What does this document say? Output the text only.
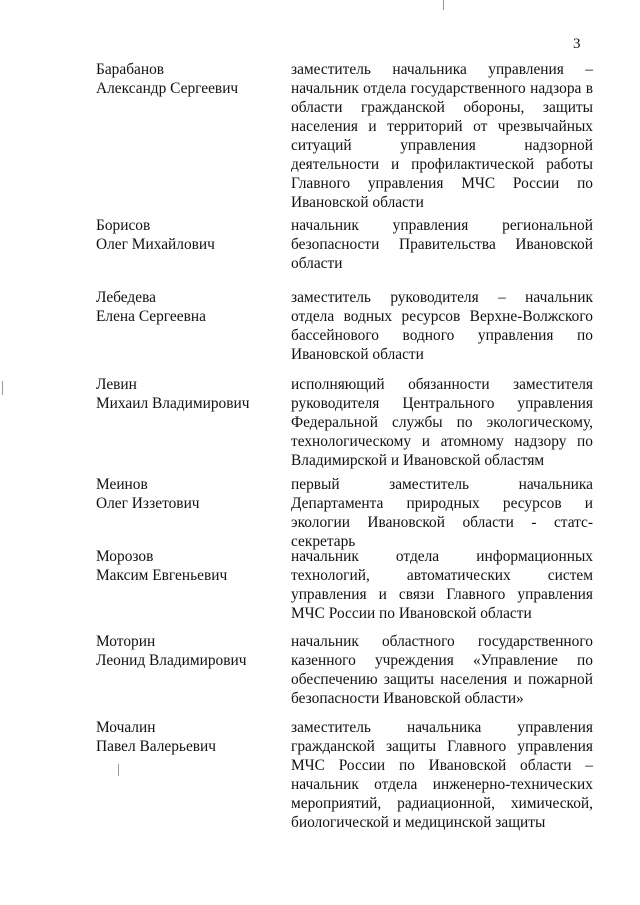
3
Барабанов
Александр Сергеевич
заместитель начальника управления – начальник отдела государственного надзора в области гражданской обороны, защиты населения и территорий от чрезвычайных ситуаций управления надзорной деятельности и профилактической работы Главного управления МЧС России по Ивановской области
Борисов
Олег Михайлович
начальник управления региональной безопасности Правительства Ивановской области
Лебедева
Елена Сергеевна
заместитель руководителя – начальник отдела водных ресурсов Верхне-Волжского бассейнового водного управления по Ивановской области
Левин
Михаил Владимирович
исполняющий обязанности заместителя руководителя Центрального управления Федеральной службы по экологическому, технологическому и атомному надзору по Владимирской и Ивановской областям
Меинов
Олег Иззетович
первый заместитель начальника Департамента природных ресурсов и экологии Ивановской области - статс-секретарь
Морозов
Максим Евгеньевич
начальник отдела информационных технологий, автоматических систем управления и связи Главного управления МЧС России по Ивановской области
Моторин
Леонид Владимирович
начальник областного государственного казенного учреждения «Управление по обеспечению защиты населения и пожарной безопасности Ивановской области»
Мочалин
Павел Валерьевич
заместитель начальника управления гражданской защиты Главного управления МЧС России по Ивановской области – начальник отдела инженерно-технических мероприятий, радиационной, химической, биологической и медицинской защиты
